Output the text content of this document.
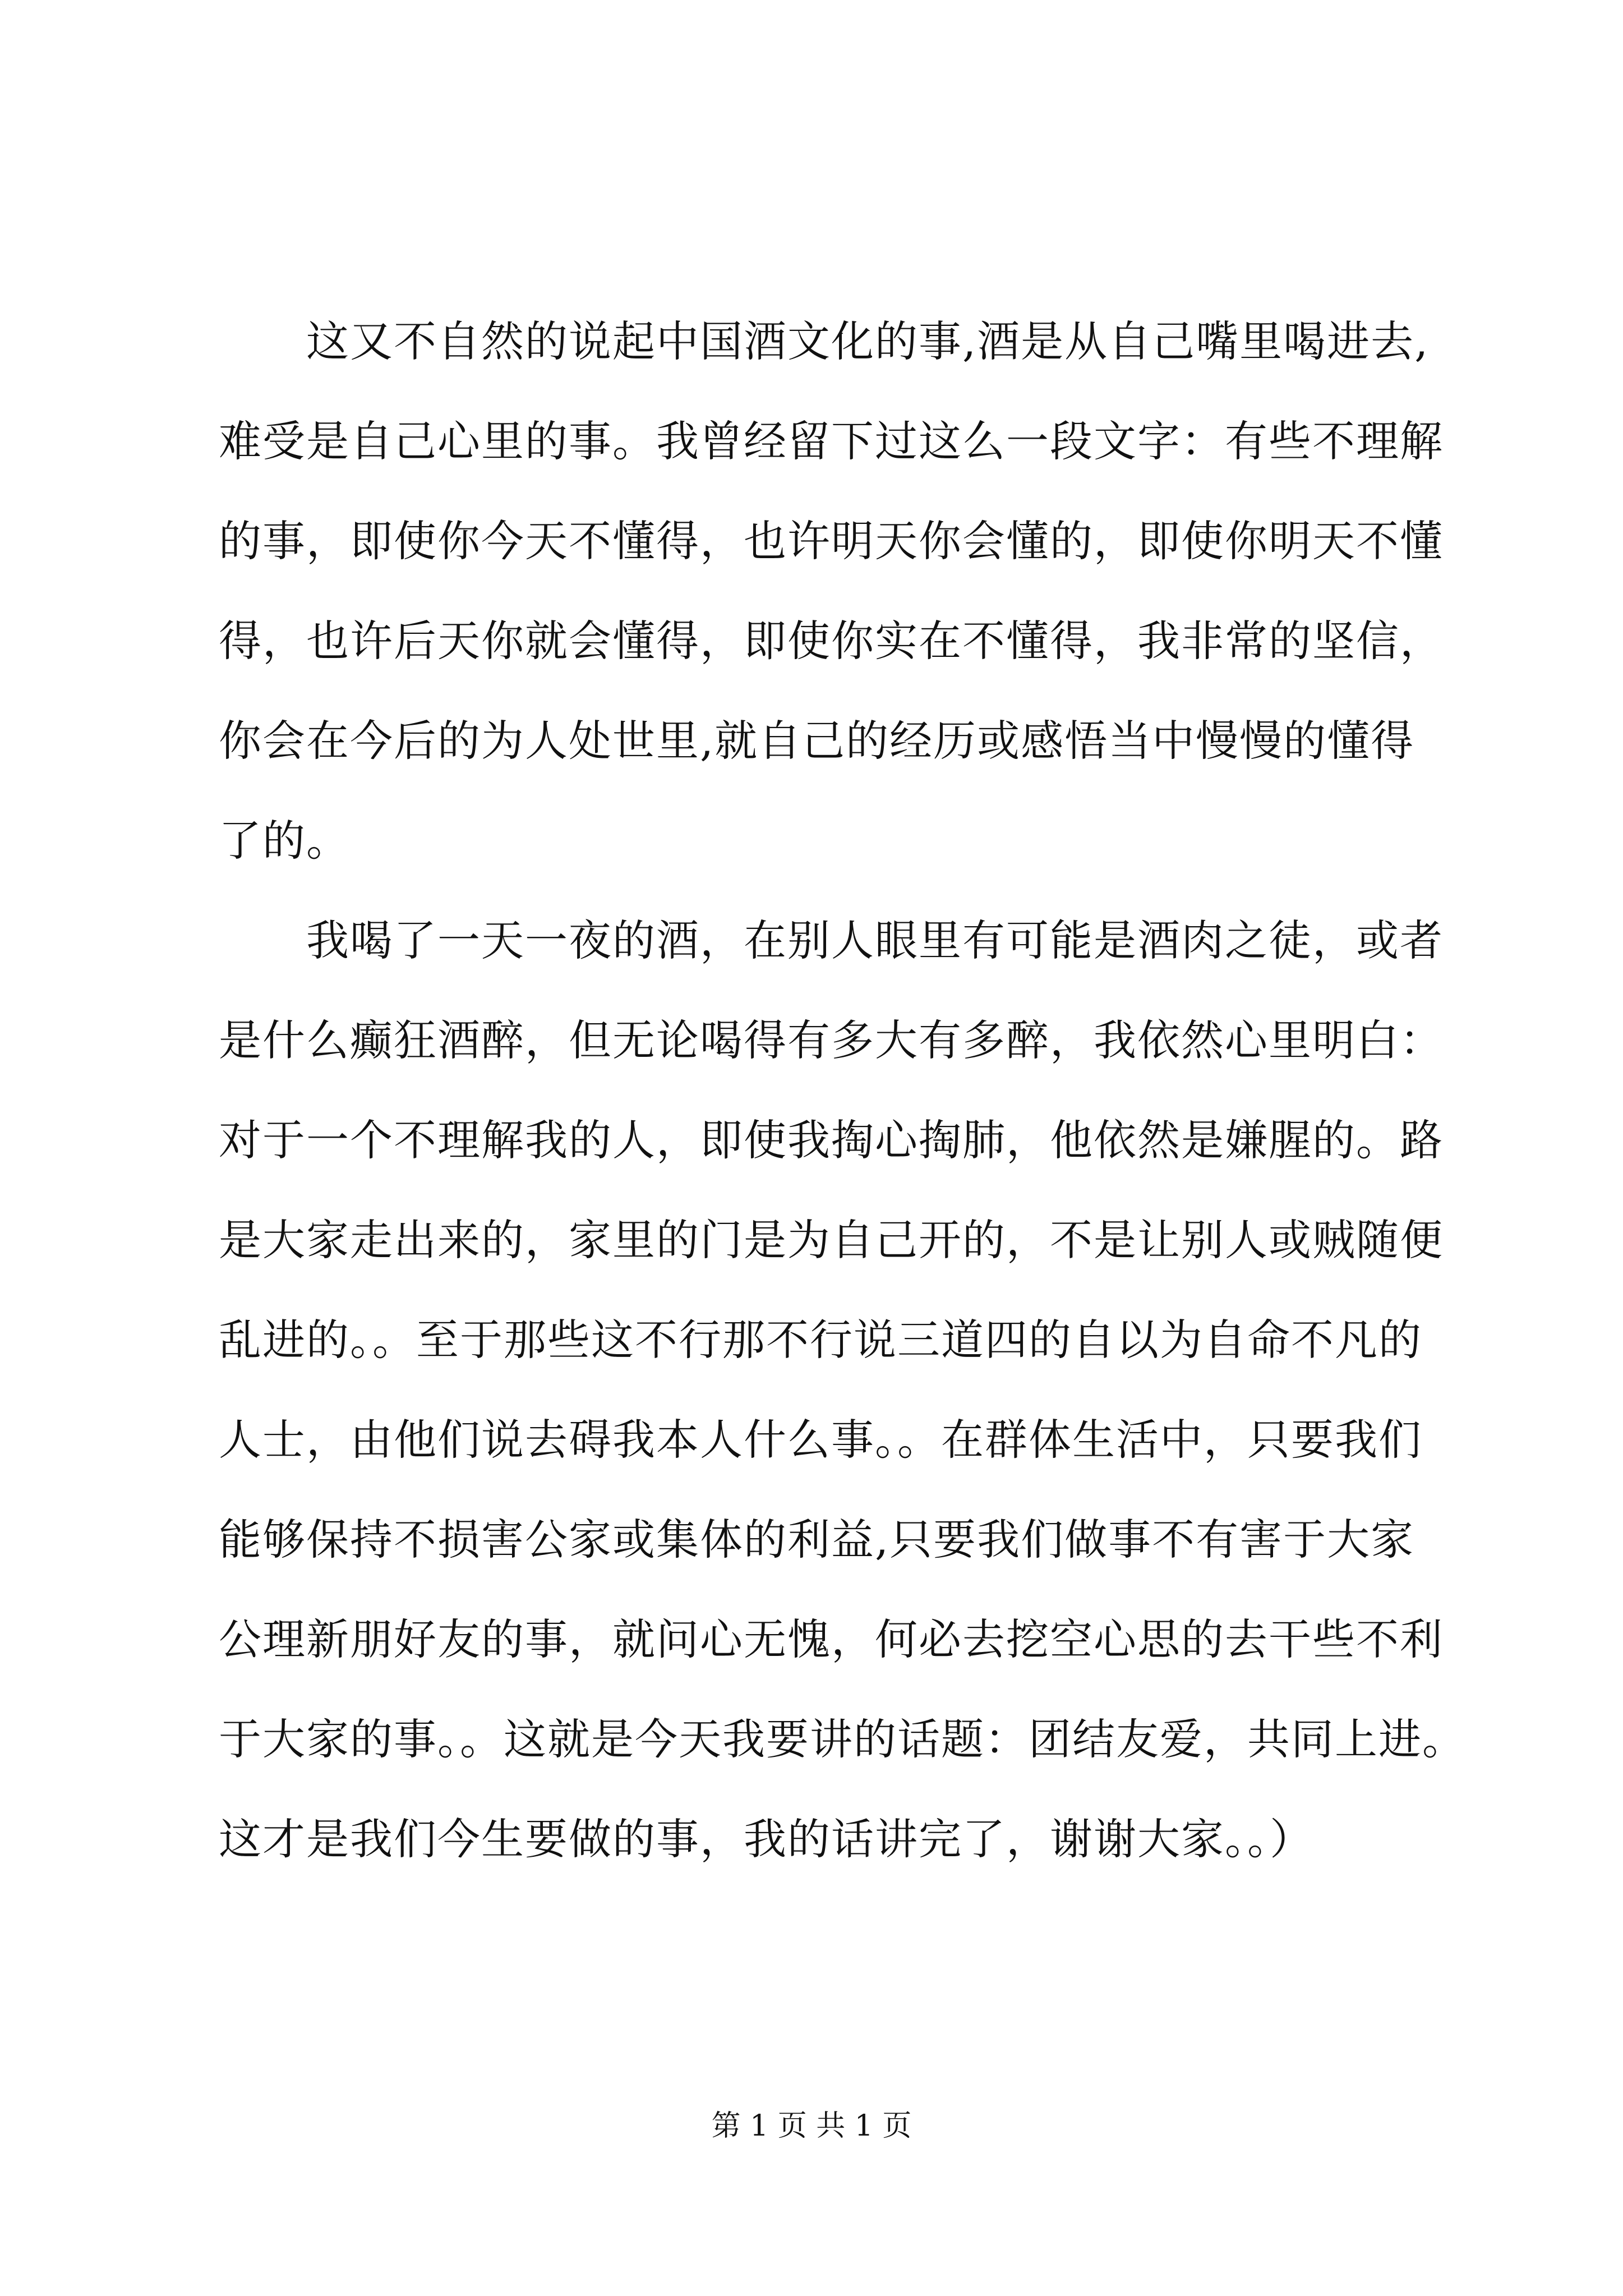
　　这又不自然的说起中国酒文化的事,酒是从自己嘴里喝进去,
难受是自己心里的事。我曾经留下过这么一段文字：有些不理解
的事，即使你今天不懂得，也许明天你会懂的，即使你明天不懂
得，也许后天你就会懂得，即使你实在不懂得，我非常的坚信，
你会在今后的为人处世里,就自己的经历或感悟当中慢慢的懂得
了的。
　　我喝了一天一夜的酒，在别人眼里有可能是酒肉之徒，或者
是什么癫狂酒醉，但无论喝得有多大有多醉，我依然心里明白：
对于一个不理解我的人，即使我掏心掏肺，他依然是嫌腥的。路
是大家走出来的，家里的门是为自己开的，不是让别人或贼随便
乱进的。。至于那些这不行那不行说三道四的自以为自命不凡的
人士，由他们说去碍我本人什么事。。在群体生活中，只要我们
能够保持不损害公家或集体的利益,只要我们做事不有害于大家
公理新朋好友的事，就问心无愧，何必去挖空心思的去干些不利
于大家的事。。这就是今天我要讲的话题：团结友爱，共同上进。
这才是我们今生要做的事，我的话讲完了，谢谢大家。。）
第 1 页 共 1 页
